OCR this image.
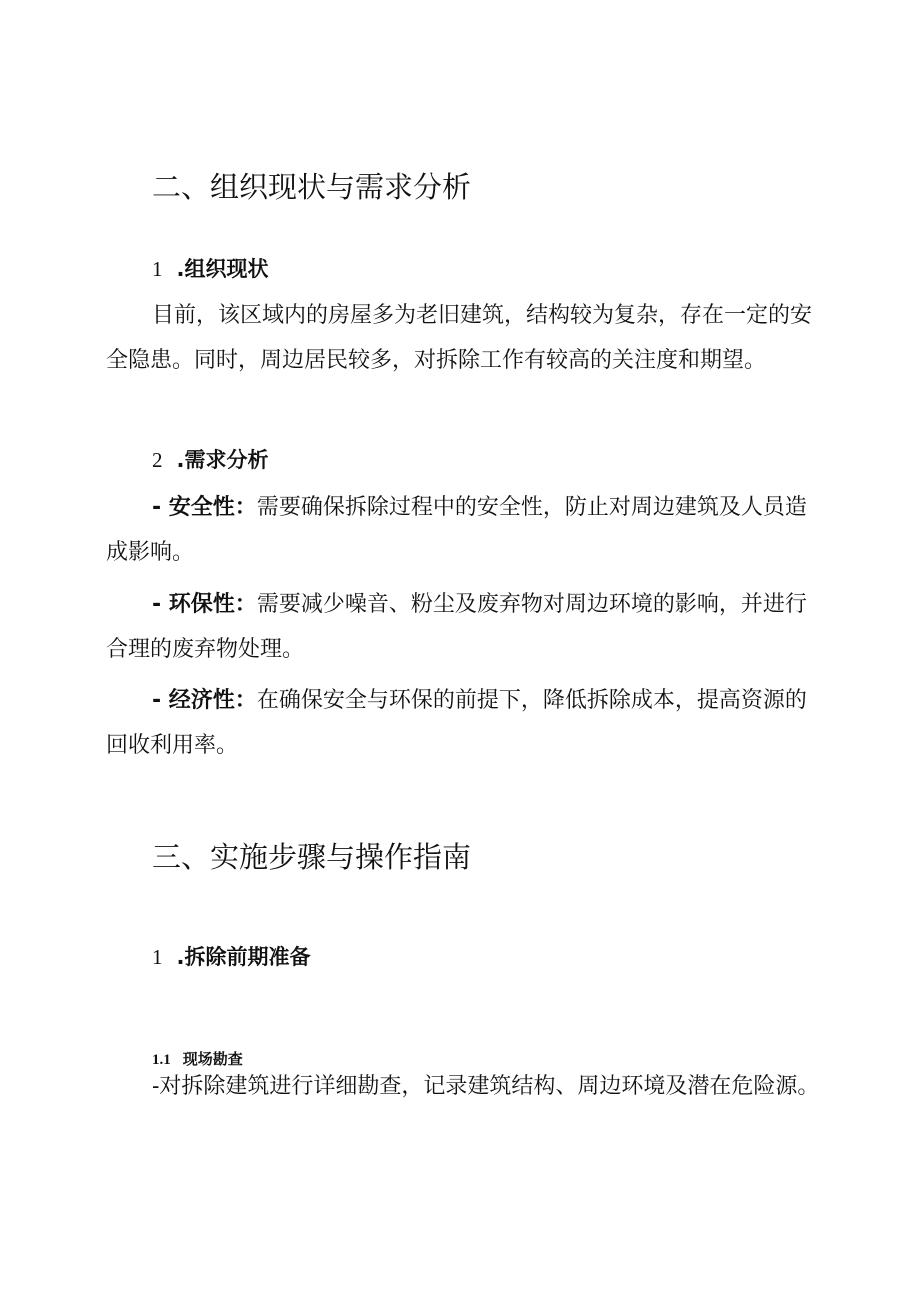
二、组织现状与需求分析
1 .组织现状

目前，该区域内的房屋多为老旧建筑，结构较为复杂，存在一定的安全隐患。同时，周边居民较多，对拆除工作有较高的关注度和期望。

2 .需求分析

- 安全性：需要确保拆除过程中的安全性，防止对周边建筑及人员造成影响。

- 环保性：需要减少噪音、粉尘及废弃物对周边环境的影响，并进行合理的废弃物处理。

- 经济性：在确保安全与环保的前提下，降低拆除成本，提高资源的回收利用率。

三、实施步骤与操作指南
1 .拆除前期准备
1.1 现场勘查

-对拆除建筑进行详细勘查，记录建筑结构、周边环境及潜在危险源。
